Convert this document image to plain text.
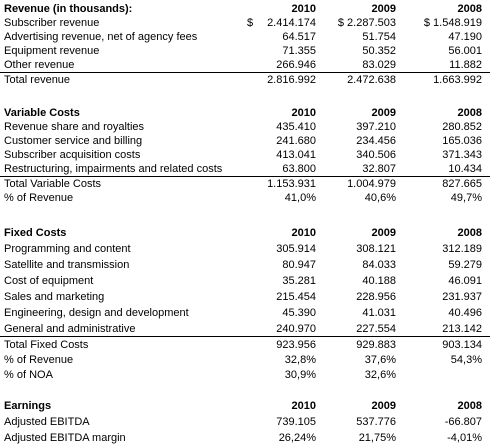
Revenue (in thousands):	2010	2009	2008
Subscriber revenue	$	2.414.174	$ 2.287.503	$ 1.548.919
Advertising revenue, net of agency fees	64.517	51.754	47.190
Equipment revenue	71.355	50.352	56.001
Other revenue	266.946	83.029	11.882
Total revenue	2.816.992	2.472.638	1.663.992
Variable Costs	2010	2009	2008
Revenue share and royalties	435.410	397.210	280.852
Customer service and billing	241.680	234.456	165.036
Subscriber acquisition costs	413.041	340.506	371.343
Restructuring, impairments and related costs	63.800	32.807	10.434
Total Variable Costs	1.153.931	1.004.979	827.665
% of Revenue	41,0%	40,6%	49,7%
Fixed Costs	2010	2009	2008
Programming and content	305.914	308.121	312.189
Satellite and transmission	80.947	84.033	59.279
Cost of equipment	35.281	40.188	46.091
Sales and marketing	215.454	228.956	231.937
Engineering, design and development	45.390	41.031	40.496
General and administrative	240.970	227.554	213.142
Total Fixed Costs	923.956	929.883	903.134
% of Revenue	32,8%	37,6%	54,3%
% of NOA	30,9%	32,6%
Earnings	2010	2009	2008
Adjusted EBITDA	739.105	537.776	-66.807
Adjusted EBITDA margin	26,24%	21,75%	-4,01%
